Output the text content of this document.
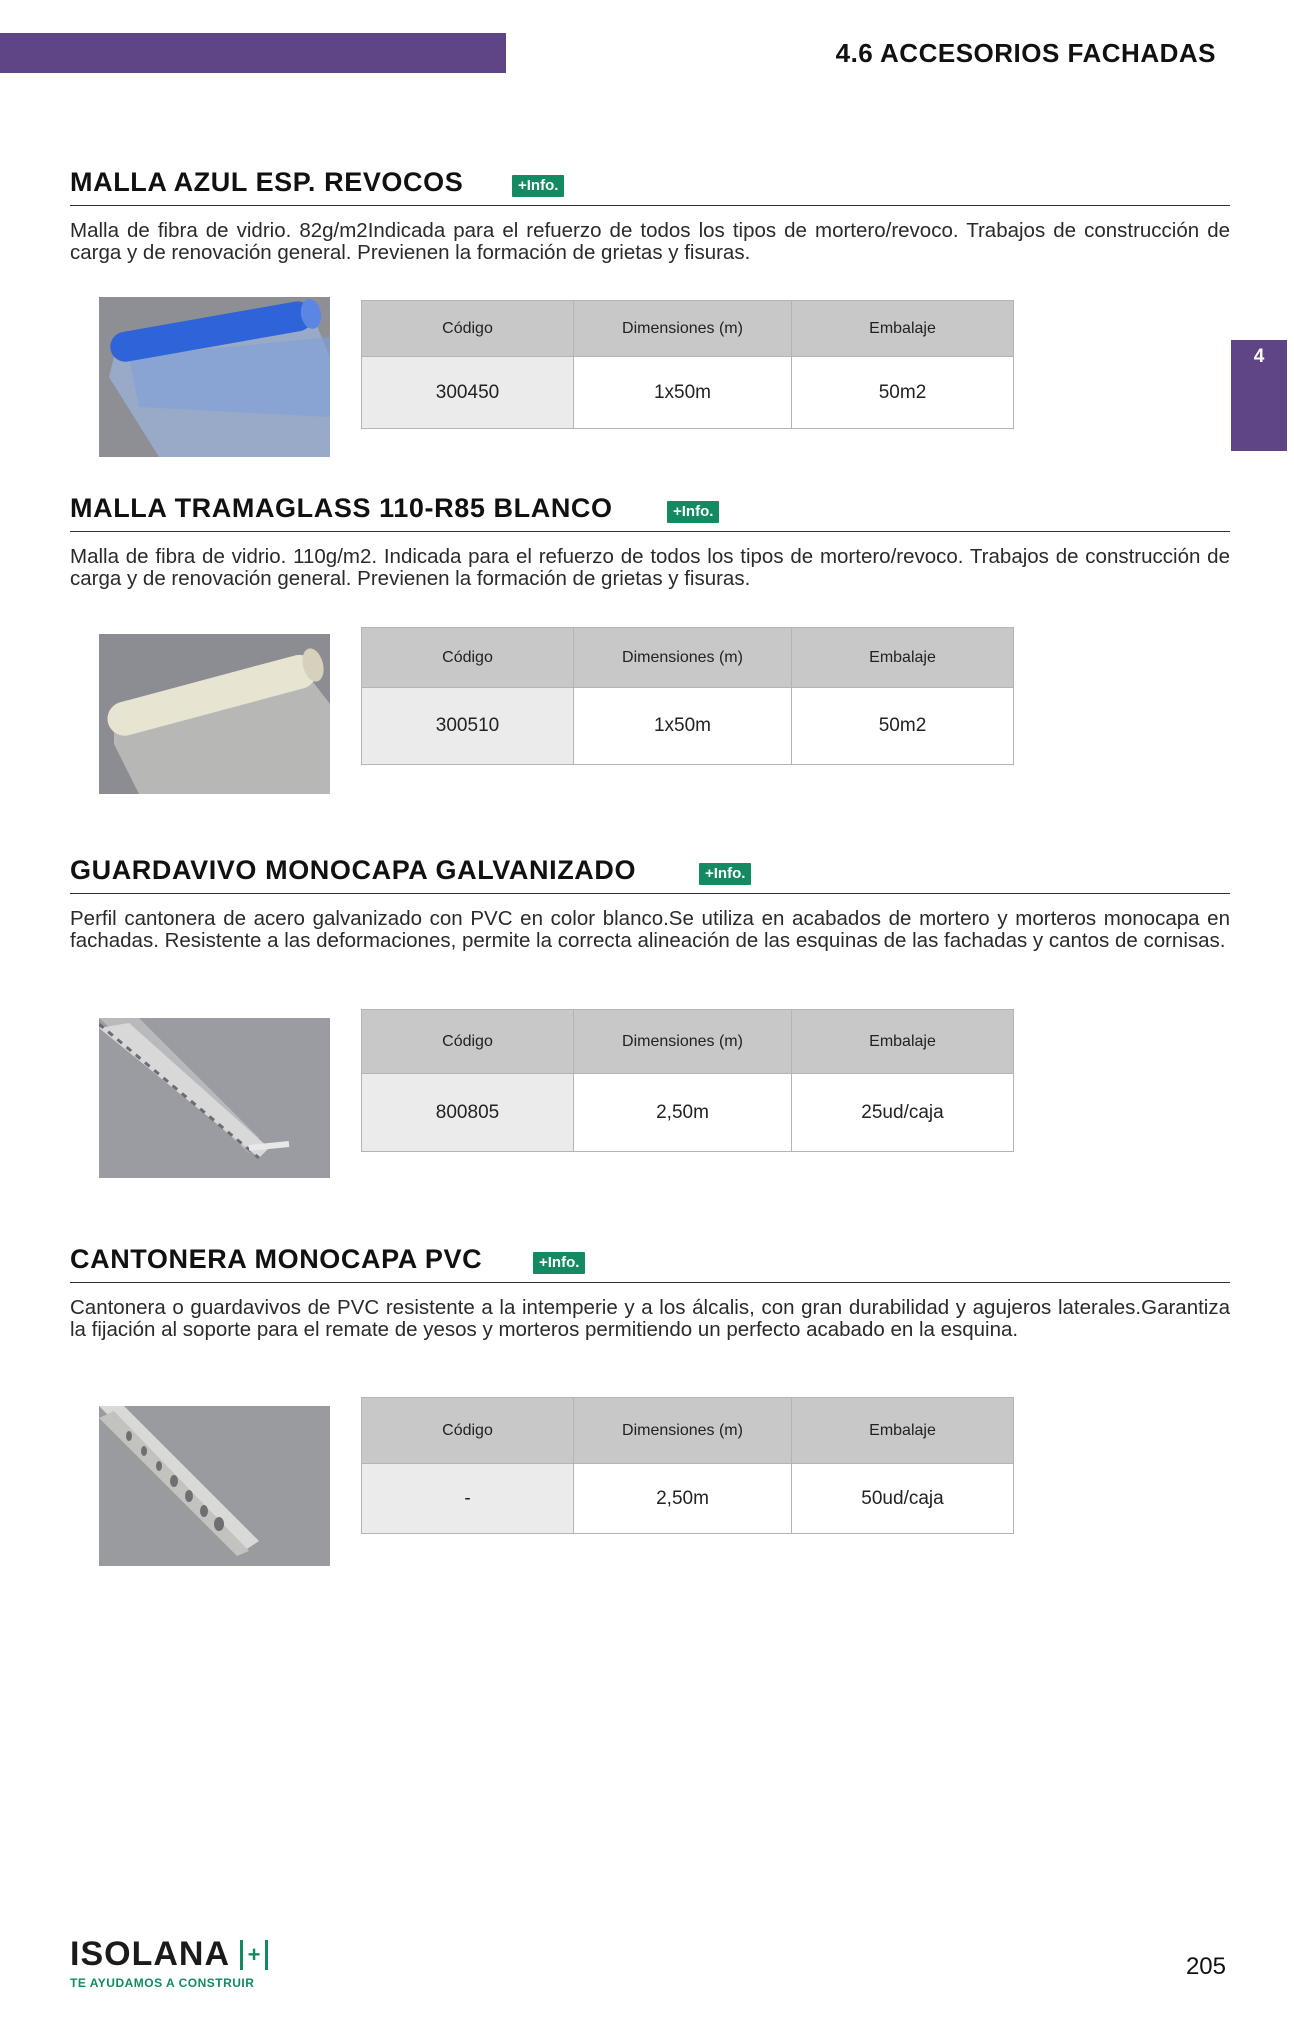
4.6 ACCESORIOS FACHADAS
4
MALLA AZUL ESP. REVOCOS	+Info.

Malla de fibra de vidrio. 82g/m2Indicada para el refuerzo de todos los tipos de mortero/revoco. Trabajos de construcción de carga y de renovación general. Previenen la formación de grietas y fisuras.

Código	Dimensiones (m)	Embalaje
300450	1x50m	50m2
MALLA TRAMAGLASS 110-R85 BLANCO	+Info.

Malla de fibra de vidrio. 110g/m2. Indicada para el refuerzo de todos los tipos de mortero/revoco. Trabajos de construcción de carga y de renovación general. Previenen la formación de grietas y fisuras.

Código	Dimensiones (m)	Embalaje
300510	1x50m	50m2
GUARDAVIVO MONOCAPA GALVANIZADO	+Info.

Perfil cantonera de acero galvanizado con PVC en color blanco.Se utiliza en acabados de mortero y morteros monocapa en fachadas. Resistente a las deformaciones, permite la correcta alineación de las esquinas de las fachadas y cantos de cornisas.

Código	Dimensiones (m)	Embalaje
800805	2,50m	25ud/caja
CANTONERA MONOCAPA PVC	+Info.

Cantonera o guardavivos de PVC resistente a la intemperie y a los álcalis, con gran durabilidad y agujeros laterales.Garantiza la fijación al soporte para el remate de yesos y morteros permitiendo un perfecto acabado en la esquina.

Código	Dimensiones (m)	Embalaje
-	2,50m	50ud/caja
ISOLANA +
TE AYUDAMOS A CONSTRUIR
205
